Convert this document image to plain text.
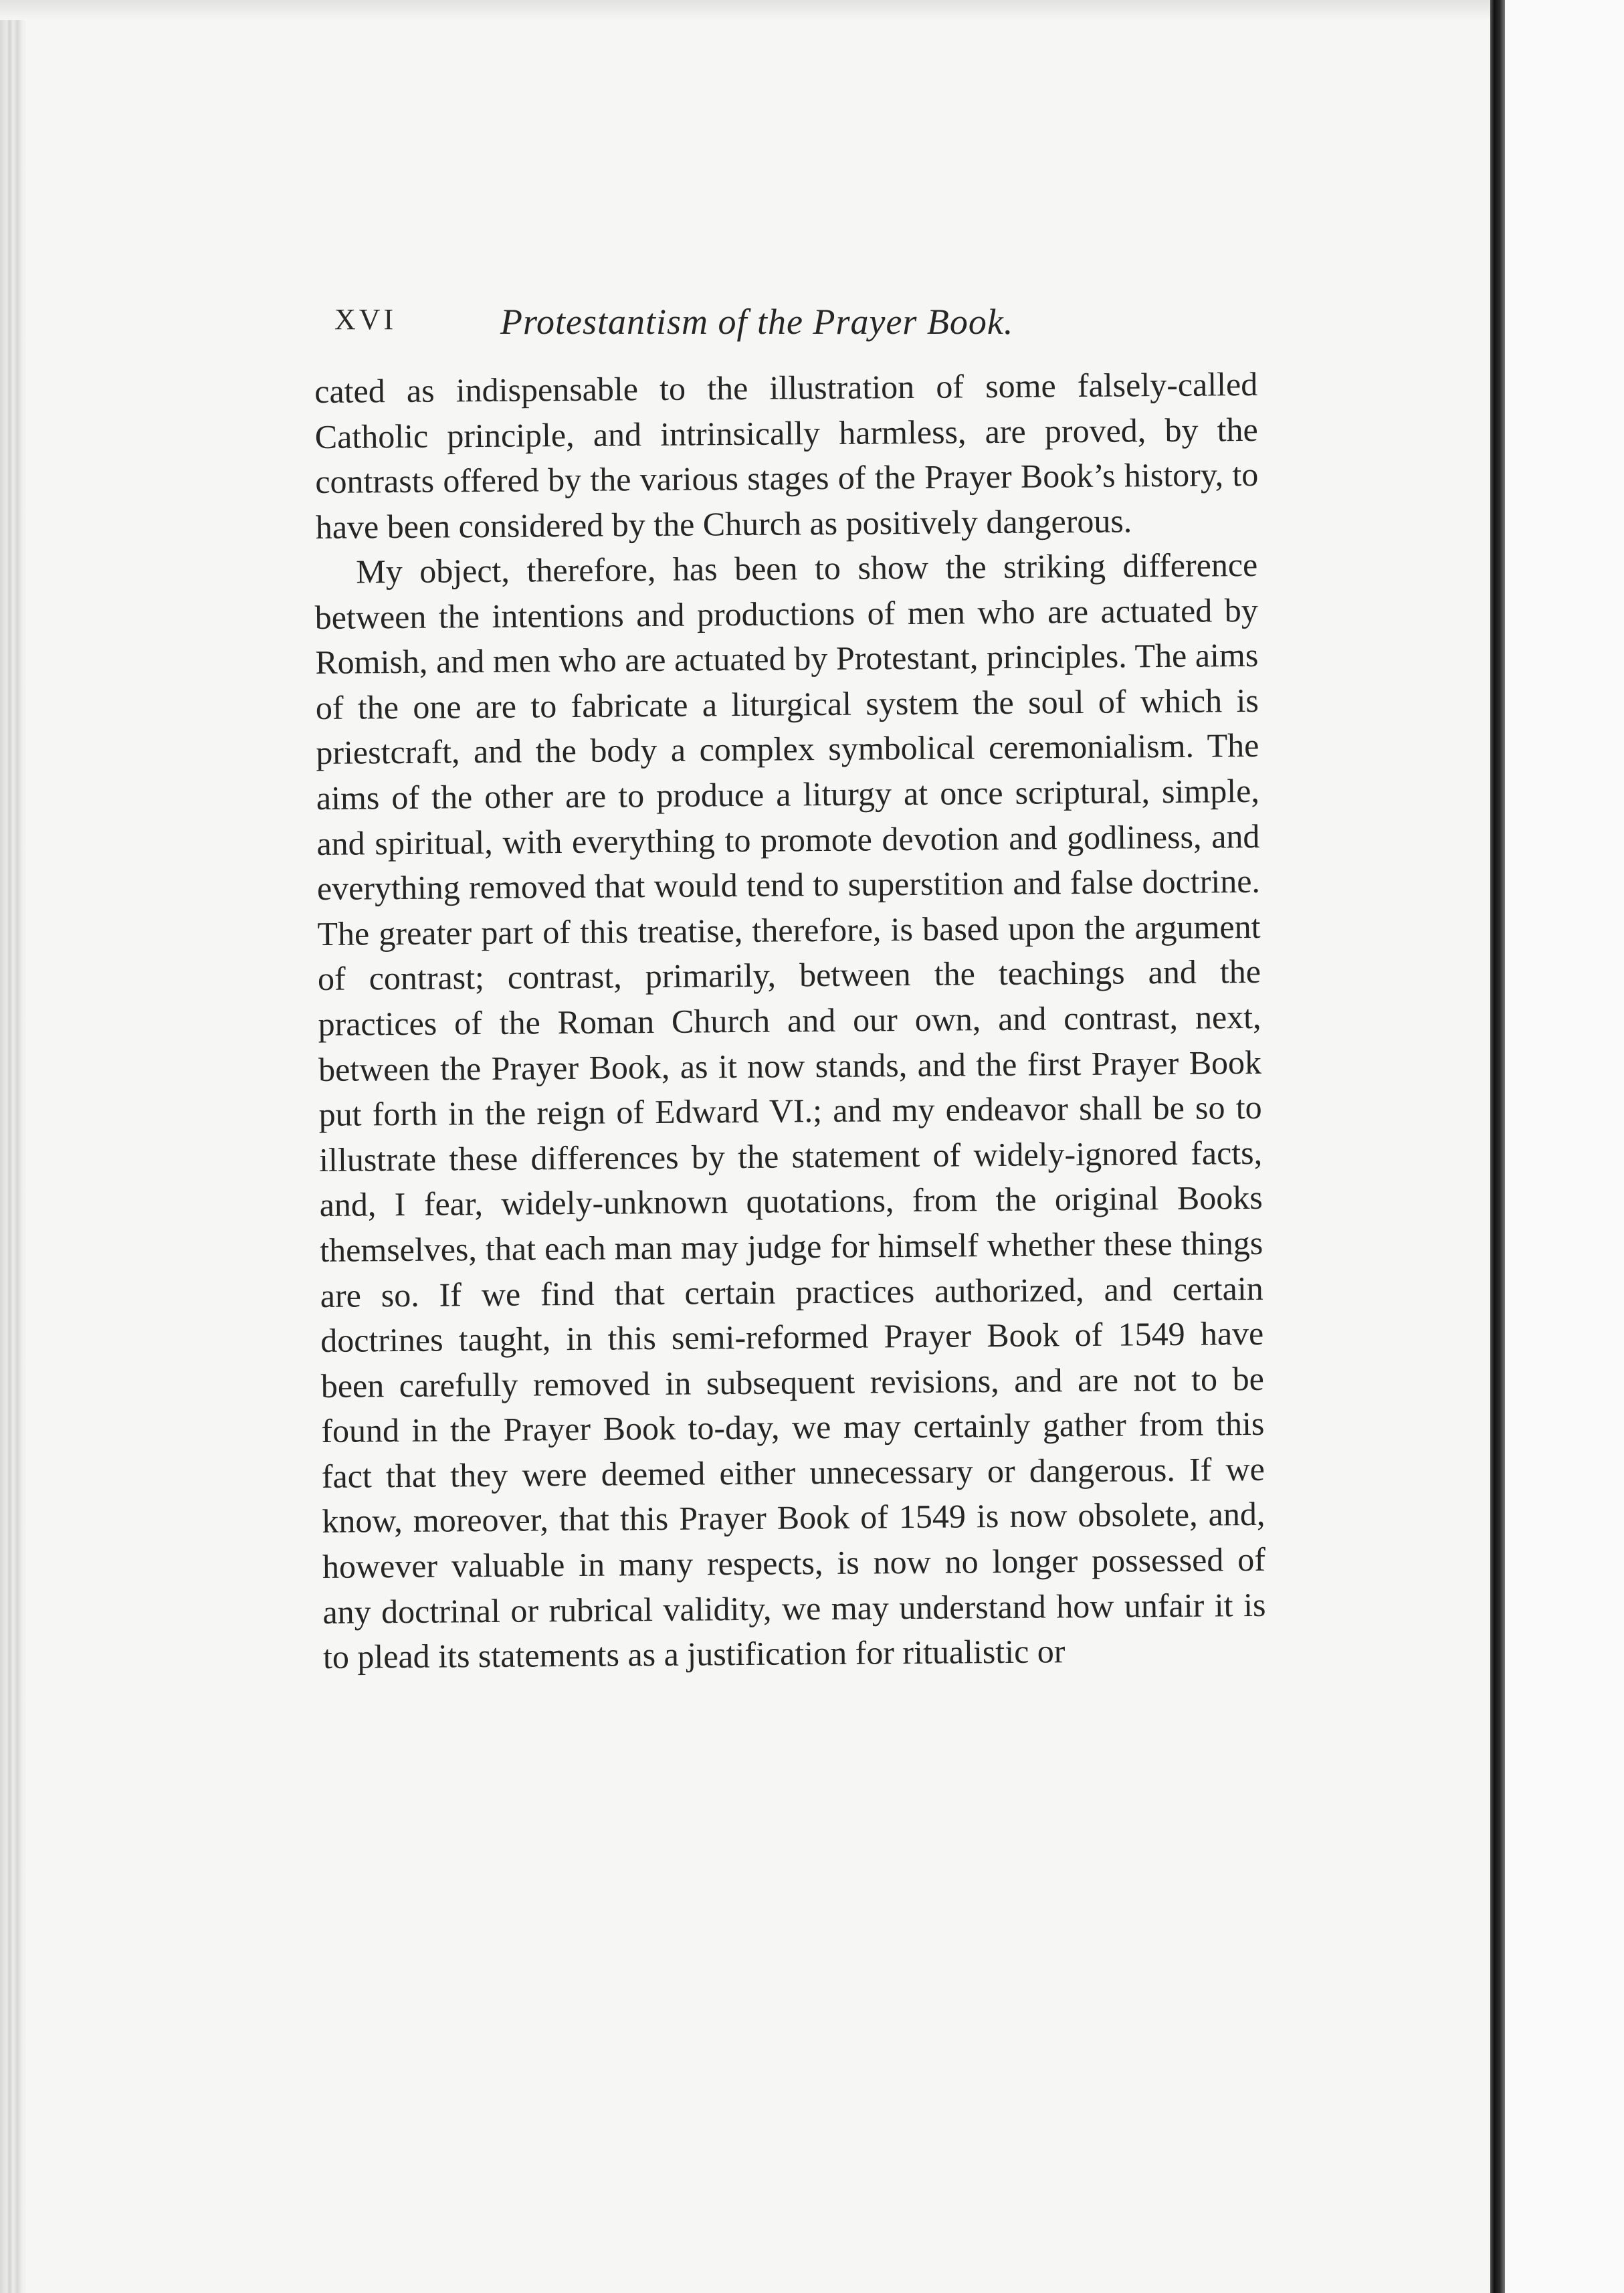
XVI	Protestantism of the Prayer Book.

cated as indispensable to the illustration of some falsely-called Catholic principle, and intrinsically harmless, are proved, by the contrasts offered by the various stages of the Prayer Book’s history, to have been considered by the Church as positively dangerous.

My object, therefore, has been to show the striking difference between the intentions and productions of men who are actuated by Romish, and men who are actuated by Protestant, principles. The aims of the one are to fabricate a liturgical system the soul of which is priestcraft, and the body a complex symbolical ceremonialism. The aims of the other are to produce a liturgy at once scriptural, simple, and spiritual, with everything to promote devotion and godliness, and everything removed that would tend to superstition and false doctrine. The greater part of this treatise, therefore, is based upon the argument of contrast; contrast, primarily, between the teachings and the practices of the Roman Church and our own, and contrast, next, between the Prayer Book, as it now stands, and the first Prayer Book put forth in the reign of Edward VI.; and my endeavor shall be so to illustrate these differences by the statement of widely-ignored facts, and, I fear, widely-unknown quotations, from the original Books themselves, that each man may judge for himself whether these things are so. If we find that certain practices authorized, and certain doctrines taught, in this semi-reformed Prayer Book of 1549 have been carefully removed in subsequent revisions, and are not to be found in the Prayer Book to-day, we may certainly gather from this fact that they were deemed either unnecessary or dangerous. If we know, moreover, that this Prayer Book of 1549 is now obsolete, and, however valuable in many respects, is now no longer possessed of any doctrinal or rubrical validity, we may understand how unfair it is to plead its statements as a justification for ritualistic or
